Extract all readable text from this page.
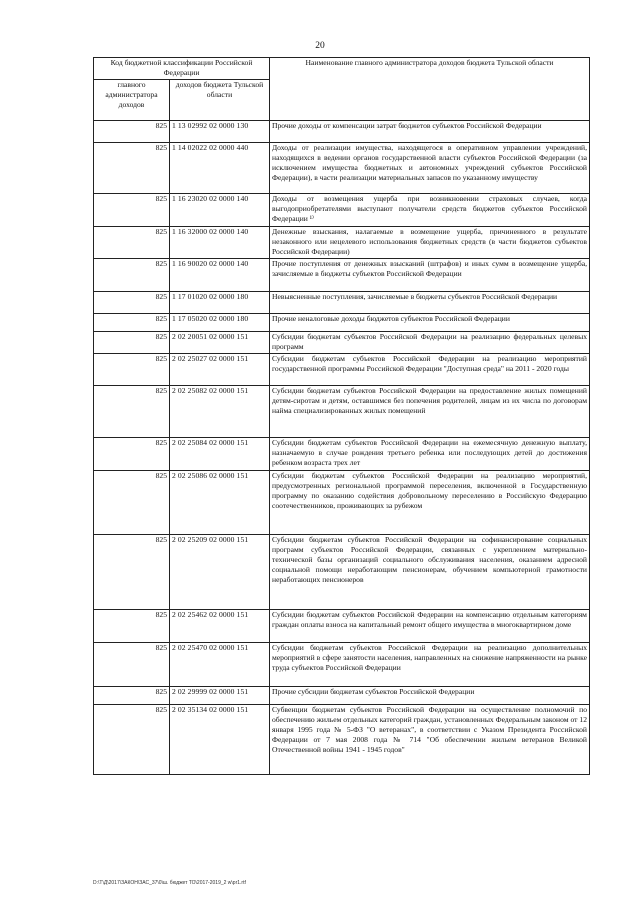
20
Код бюджетной классификации Российской Федерации		Наименование главного администратора доходов бюджета Тульской области
главного администратора доходов	доходов бюджета Тульской области	
825	1 13 02992 02 0000 130	Прочие доходы от компенсации затрат бюджетов субъектов Российской Федерации
825	1 14 02022 02 0000 440	Доходы от реализации имущества, находящегося в оперативном управлении учреждений, находящихся в ведении органов государственной власти субъектов Российской Федерации (за исключением имущества бюджетных и автономных учреждений субъектов Российской Федерации), в части реализации материальных запасов по указанному имуществу
825	1 16 23020 02 0000 140	Доходы от возмещения ущерба при возникновении страховых случаев, когда выгодоприобретателями выступают получатели средств бюджетов субъектов Российской Федерации ¹⁾
825	1 16 32000 02 0000 140	Денежные взыскания, налагаемые в возмещение ущерба, причиненного в результате незаконного или нецелевого использования бюджетных средств (в части бюджетов субъектов Российской Федерации)
825	1 16 90020 02 0000 140	Прочие поступления от денежных взысканий (штрафов) и иных сумм в возмещение ущерба, зачисляемые в бюджеты субъектов Российской Федерации
825	1 17 01020 02 0000 180	Невыясненные поступления, зачисляемые в бюджеты субъектов Российской Федерации
825	1 17 05020 02 0000 180	Прочие неналоговые доходы бюджетов субъектов Российской Федерации
825	2 02 20051 02 0000 151	Субсидии бюджетам субъектов Российской Федерации на реализацию федеральных целевых программ
825	2 02 25027 02 0000 151	Субсидии бюджетам субъектов Российской Федерации на реализацию мероприятий государственной программы Российской Федерации "Доступная среда" на 2011 - 2020 годы
825	2 02 25082 02 0000 151	Субсидии бюджетам субъектов Российской Федерации на предоставление жилых помещений детям-сиротам и детям, оставшимся без попечения родителей, лицам из их числа по договорам найма специализированных жилых помещений
825	2 02 25084 02 0000 151	Субсидии бюджетам субъектов Российской Федерации на ежемесячную денежную выплату, назначаемую в случае рождения третьего ребенка или последующих детей до достижения ребенком возраста трех лет
825	2 02 25086 02 0000 151	Субсидии бюджетам субъектов Российской Федерации на реализацию мероприятий, предусмотренных региональной программой переселения, включенной в Государственную программу по оказанию содействия добровольному переселению в Российскую Федерацию соотечественников, проживающих за рубежом
825	2 02 25209 02 0000 151	Субсидии бюджетам субъектов Российской Федерации на софинансирование социальных программ субъектов Российской Федерации, связанных с укреплением материально-технической базы организаций социального обслуживания населения, оказанием адресной социальной помощи неработающим пенсионерам, обучением компьютерной грамотности неработающих пенсионеров
825	2 02 25462 02 0000 151	Субсидии бюджетам субъектов Российской Федерации на компенсацию отдельным категориям граждан оплаты взноса на капитальный ремонт общего имущества в многоквартирном доме
825	2 02 25470 02 0000 151	Субсидии бюджетам субъектов Российской Федерации на реализацию дополнительных мероприятий в сфере занятости населения, направленных на снижение напряженности на рынке труда субъектов Российской Федерации
825	2 02 29999 02 0000 151	Прочие субсидии бюджетам субъектов Российской Федерации
825	2 02 35134 02 0000 151	Субвенции бюджетам субъектов Российской Федерации на осуществление полномочий по обеспечению жильем отдельных категорий граждан, установленных Федеральным законом от 12 января 1995 года № 5-ФЗ "О ветеранах", в соответствии с Указом Президента Российской Федерации от 7 мая 2008 года № 714 "Об обеспечении жильем ветеранов Великой Отечественной войны 1941 - 1945 годов"
D:\T\Д\2017\ЗАКОН\ЗАС_37\0\ш. бюджет ТО\2017-2019_2 w\pr1.rtf
